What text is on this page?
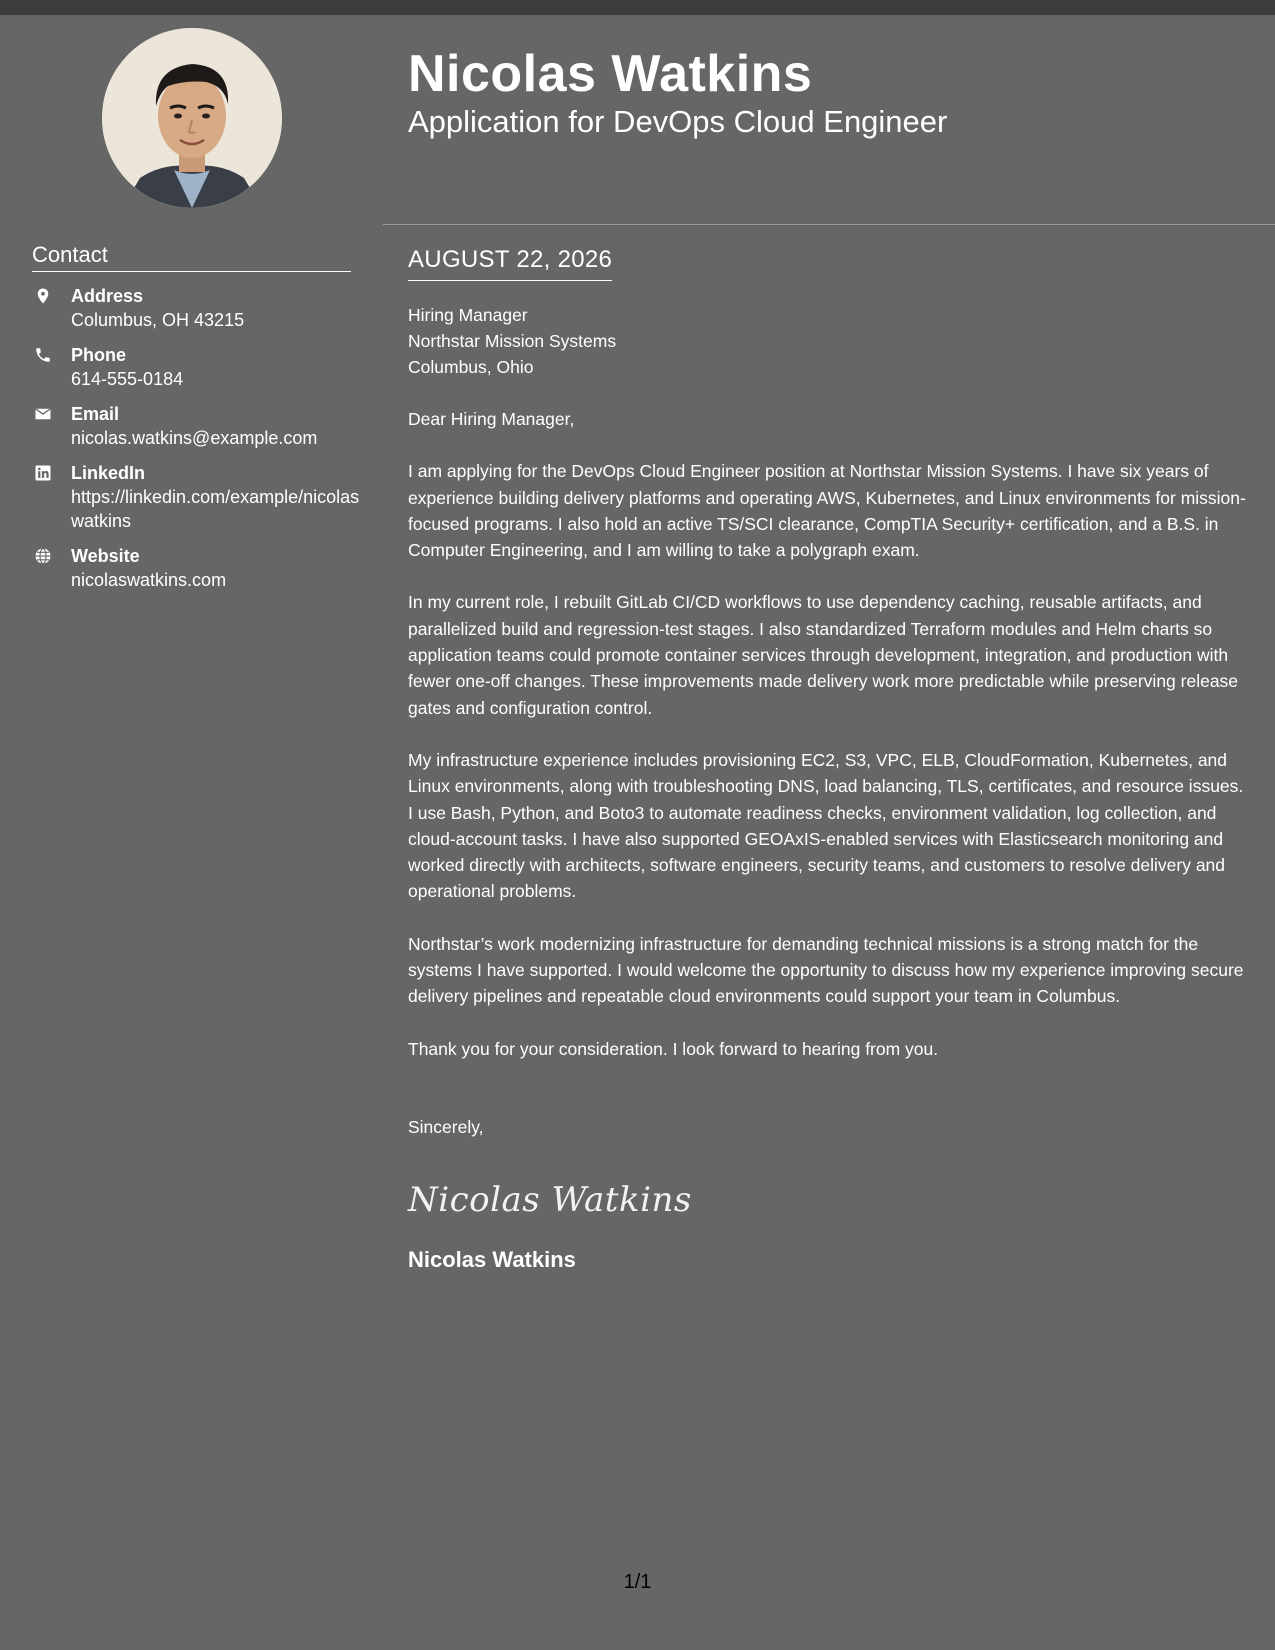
Nicolas Watkins
Application for DevOps Cloud Engineer
Contact
Address
Columbus, OH 43215
Phone
614-555-0184
Email
nicolas.watkins@example.com
LinkedIn
https://linkedin.com/example/nicolaswatkins
Website
nicolaswatkins.com
AUGUST 22, 2026
Hiring Manager
Northstar Mission Systems
Columbus, Ohio
Dear Hiring Manager,
I am applying for the DevOps Cloud Engineer position at Northstar Mission Systems. I have six years of experience building delivery platforms and operating AWS, Kubernetes, and Linux environments for mission-focused programs. I also hold an active TS/SCI clearance, CompTIA Security+ certification, and a B.S. in Computer Engineering, and I am willing to take a polygraph exam.
In my current role, I rebuilt GitLab CI/CD workflows to use dependency caching, reusable artifacts, and parallelized build and regression-test stages. I also standardized Terraform modules and Helm charts so application teams could promote container services through development, integration, and production with fewer one-off changes. These improvements made delivery work more predictable while preserving release gates and configuration control.
My infrastructure experience includes provisioning EC2, S3, VPC, ELB, CloudFormation, Kubernetes, and Linux environments, along with troubleshooting DNS, load balancing, TLS, certificates, and resource issues. I use Bash, Python, and Boto3 to automate readiness checks, environment validation, log collection, and cloud-account tasks. I have also supported GEOAxIS-enabled services with Elasticsearch monitoring and worked directly with architects, software engineers, security teams, and customers to resolve delivery and operational problems.
Northstar’s work modernizing infrastructure for demanding technical missions is a strong match for the systems I have supported. I would welcome the opportunity to discuss how my experience improving secure delivery pipelines and repeatable cloud environments could support your team in Columbus.
Thank you for your consideration. I look forward to hearing from you.
Sincerely,
Nicolas Watkins
Nicolas Watkins
1/1
